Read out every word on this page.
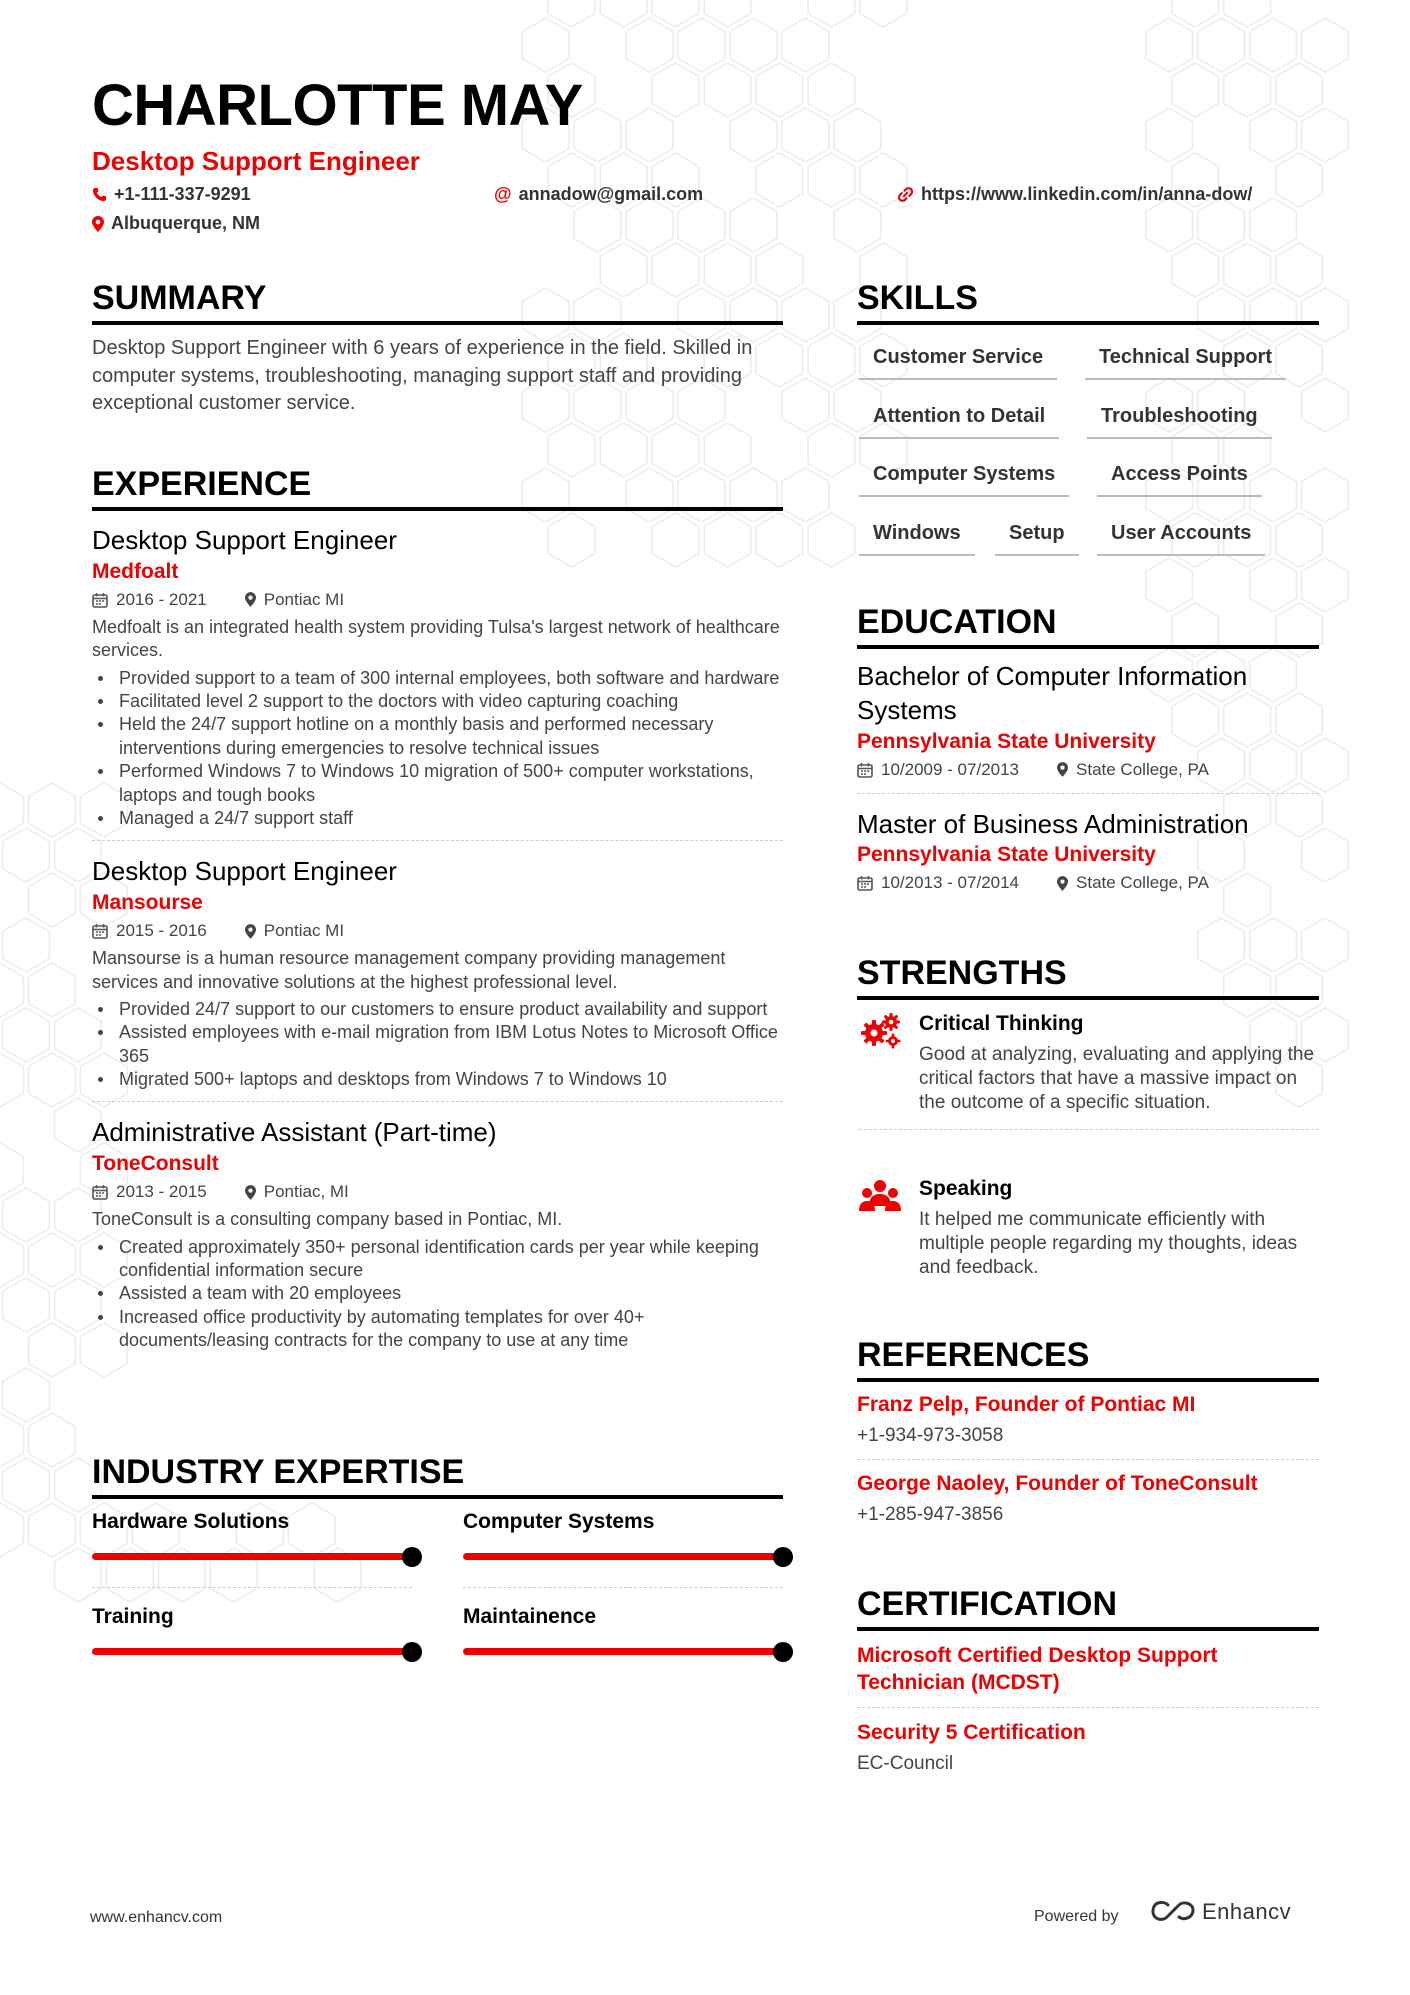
CHARLOTTE MAY
Desktop Support Engineer
+1-111-337-9291	@ annadow@gmail.com	https://www.linkedin.com/in/anna-dow/
Albuquerque, NM
SUMMARY
Desktop Support Engineer with 6 years of experience in the field. Skilled in computer systems, troubleshooting, managing support staff and providing exceptional customer service.
EXPERIENCE
Desktop Support Engineer
Medfoalt
2016 - 2021	Pontiac MI
Medfoalt is an integrated health system providing Tulsa's largest network of healthcare services.
Provided support to a team of 300 internal employees, both software and hardware
Facilitated level 2 support to the doctors with video capturing coaching
Held the 24/7 support hotline on a monthly basis and performed necessary interventions during emergencies to resolve technical issues
Performed Windows 7 to Windows 10 migration of 500+ computer workstations, laptops and tough books
Managed a 24/7 support staff
Desktop Support Engineer
Mansourse
2015 - 2016	Pontiac MI
Mansourse is a human resource management company providing management services and innovative solutions at the highest professional level.
Provided 24/7 support to our customers to ensure product availability and support
Assisted employees with e-mail migration from IBM Lotus Notes to Microsoft Office 365
Migrated 500+ laptops and desktops from Windows 7 to Windows 10
Administrative Assistant (Part-time)
ToneConsult
2013 - 2015	Pontiac, MI
ToneConsult is a consulting company based in Pontiac, MI.
Created approximately 350+ personal identification cards per year while keeping confidential information secure
Assisted a team with 20 employees
Increased office productivity by automating templates for over 40+ documents/leasing contracts for the company to use at any time
INDUSTRY EXPERTISE
Hardware Solutions	Computer Systems
Training	Maintainence
SKILLS
Customer Service	Technical Support
Attention to Detail	Troubleshooting
Computer Systems	Access Points
Windows	Setup	User Accounts
EDUCATION
Bachelor of Computer Information Systems
Pennsylvania State University
10/2009 - 07/2013	State College, PA
Master of Business Administration
Pennsylvania State University
10/2013 - 07/2014	State College, PA
STRENGTHS
Critical Thinking
Good at analyzing, evaluating and applying the critical factors that have a massive impact on the outcome of a specific situation.
Speaking
It helped me communicate efficiently with multiple people regarding my thoughts, ideas and feedback.
REFERENCES
Franz Pelp, Founder of Pontiac MI
+1-934-973-3058
George Naoley, Founder of ToneConsult
+1-285-947-3856
CERTIFICATION
Microsoft Certified Desktop Support Technician (MCDST)
Security 5 Certification
EC-Council
www.enhancv.com	Powered by	Enhancv
